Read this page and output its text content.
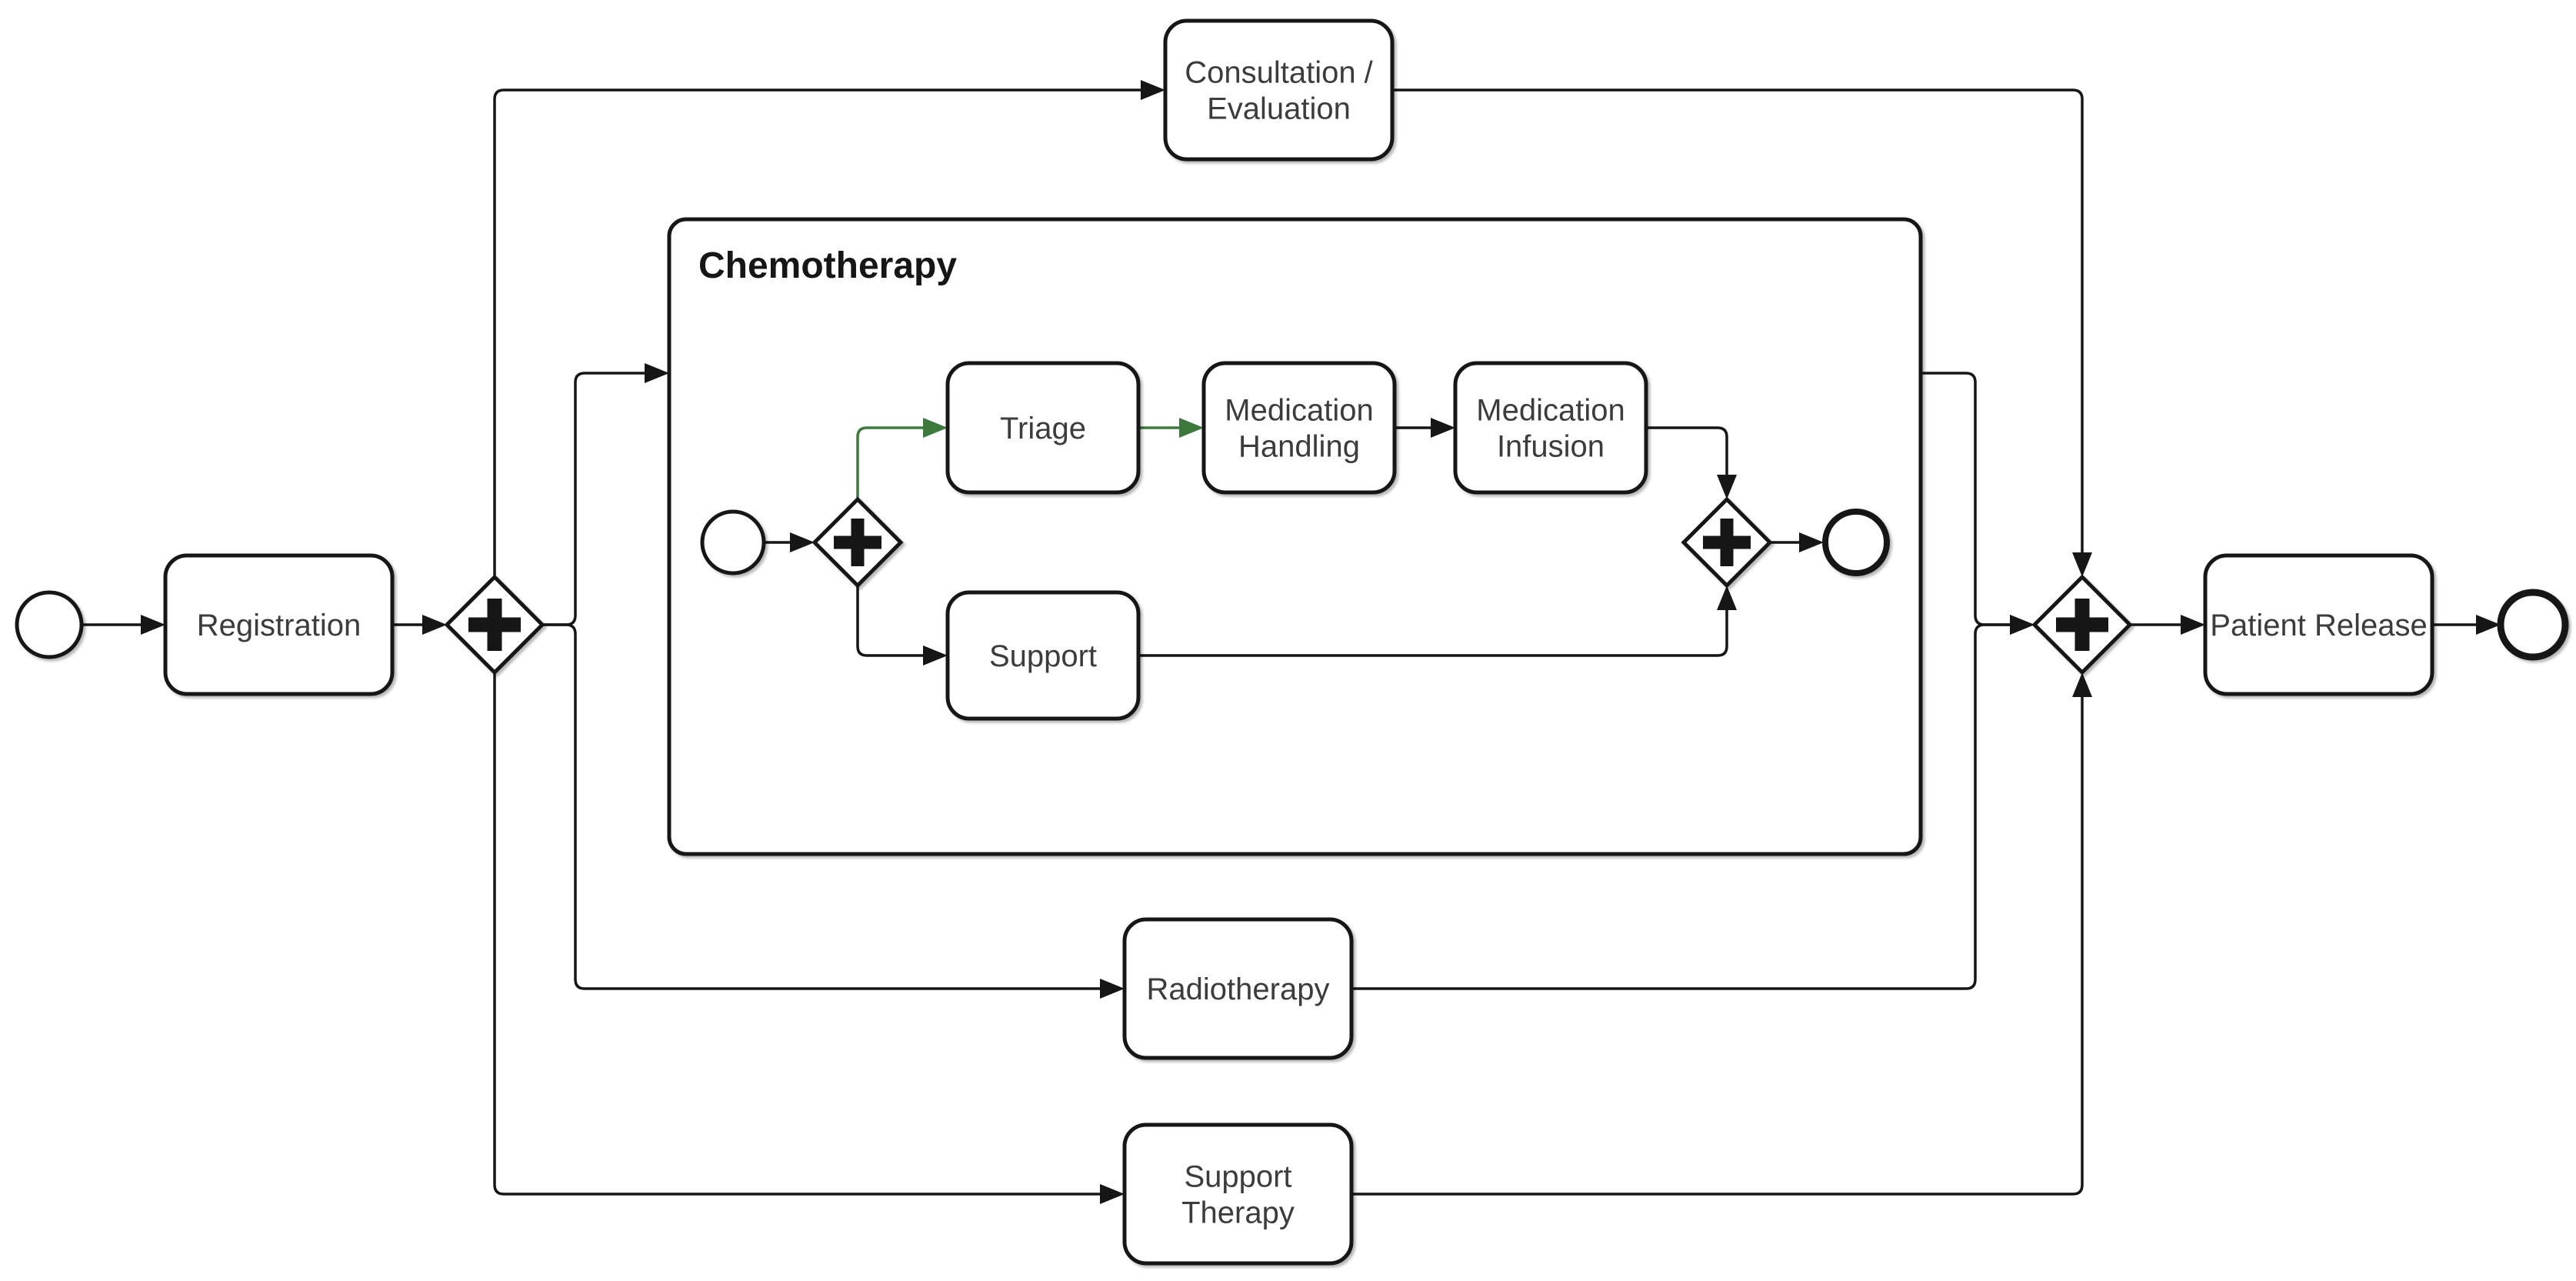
Chemotherapy
Registration
Consultation / Evaluation
Triage
Medication Handling
Medication Infusion
Support
Radiotherapy
Support Therapy
Patient Release
